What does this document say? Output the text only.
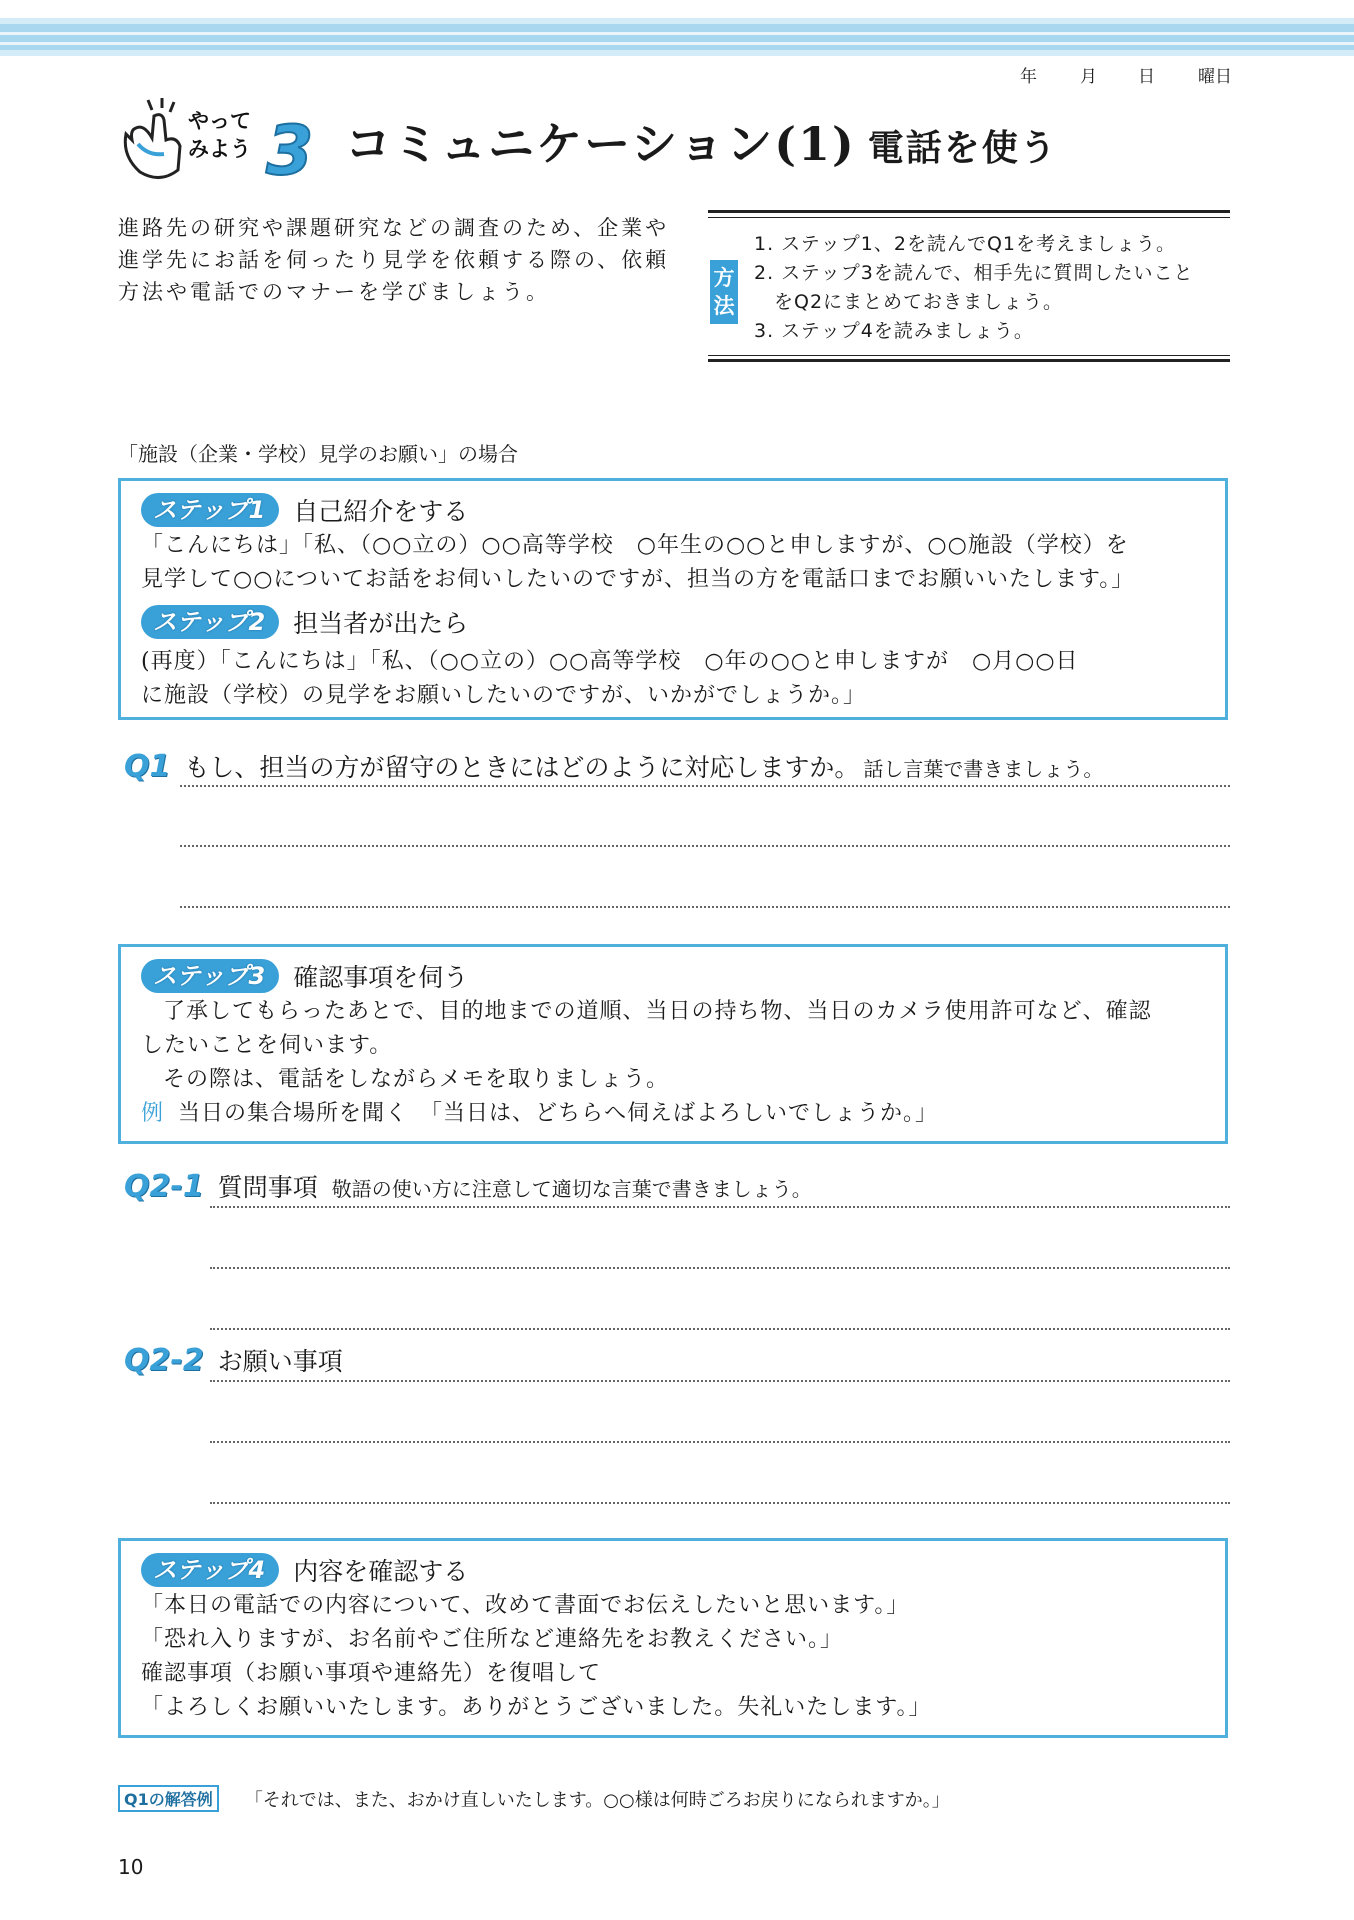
年	月 日	曜日
やって
みよう 3 コミュニケーション(1) 電話を使う
進路先の研究や課題研究などの調査のため、企業や進学先にお話を伺ったり見学を依頼する際の、依頼方法や電話でのマナーを学びましょう。
方法
1. ステップ1、2を読んでQ1を考えましょう。
2. ステップ3を読んで、相手先に質問したいこと
　をQ2にまとめておきましょう。
3. ステップ4を読みましょう。
「施設（企業・学校）見学のお願い」の場合
ステップ1	自己紹介をする
「こんにちは」「私、（○○立の）○○高等学校　○年生の○○と申しますが、○○施設（学校）を
見学して○○についてお話をお伺いしたいのですが、担当の方を電話口までお願いいたします。」
ステップ2	担当者が出たら
(再度）「こんにちは」「私、（○○立の）○○高等学校　○年の○○と申しますが　○月○○日
に施設（学校）の見学をお願いしたいのですが、いかがでしょうか。」
Q1 もし、担当の方が留守のときにはどのように対応しますか。 話し言葉で書きましょう。
ステップ3	確認事項を伺う
了承してもらったあとで、目的地までの道順、当日の持ち物、当日のカメラ使用許可など、確認
したいことを伺います。
その際は、電話をしながらメモを取りましょう。
例 当日の集合場所を聞く　「当日は、どちらへ伺えばよろしいでしょうか。」
Q2-1 質問事項 敬語の使い方に注意して適切な言葉で書きましょう。
Q2-2 お願い事項
ステップ4	内容を確認する
「本日の電話での内容について、改めて書面でお伝えしたいと思います。」
「恐れ入りますが、お名前やご住所など連絡先をお教えください。」
確認事項（お願い事項や連絡先）を復唱して
「よろしくお願いいたします。ありがとうございました。失礼いたします。」
Q1の解答例	「それでは、また、おかけ直しいたします。○○様は何時ごろお戻りになられますか。」
10
